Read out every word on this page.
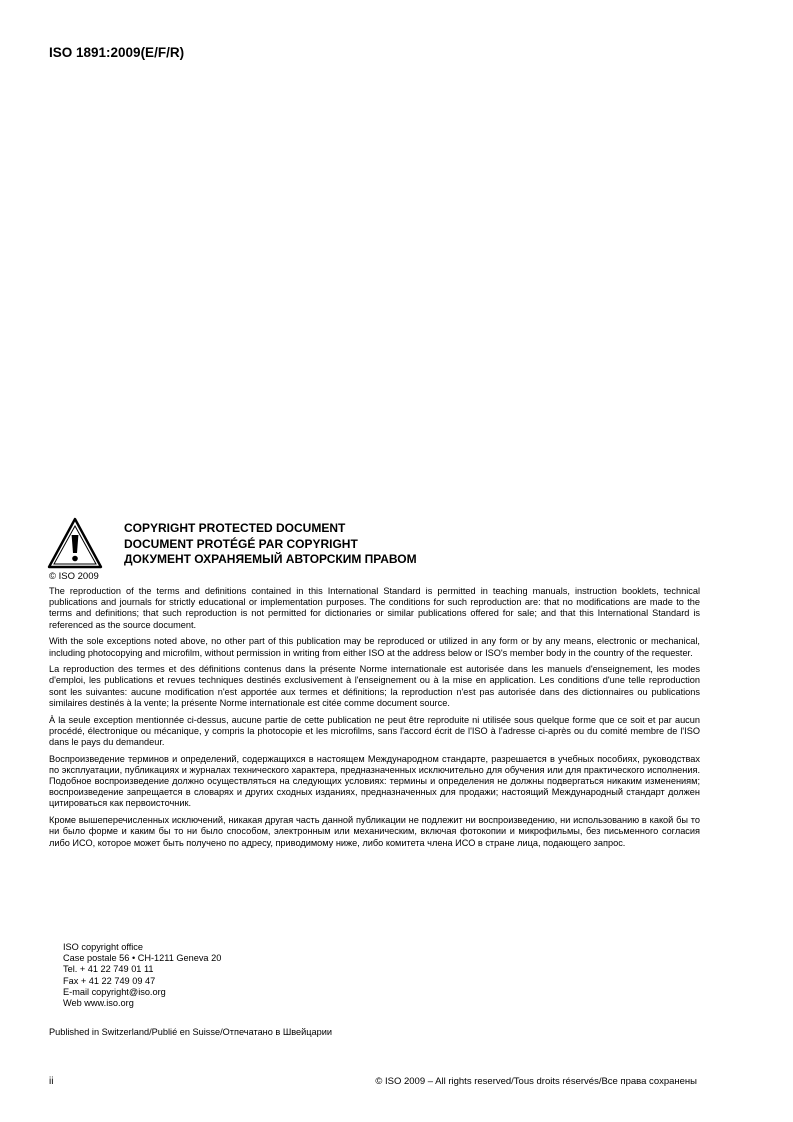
ISO 1891:2009(E/F/R)
COPYRIGHT PROTECTED DOCUMENT
DOCUMENT PROTÉGÉ PAR COPYRIGHT
ДОКУМЕНТ ОХРАНЯЕМЫЙ АВТОРСКИМ ПРАВОМ
© ISO 2009

The reproduction of the terms and definitions contained in this International Standard is permitted in teaching manuals, instruction booklets, technical publications and journals for strictly educational or implementation purposes. The conditions for such reproduction are: that no modifications are made to the terms and definitions; that such reproduction is not permitted for dictionaries or similar publications offered for sale; and that this International Standard is referenced as the source document.

With the sole exceptions noted above, no other part of this publication may be reproduced or utilized in any form or by any means, electronic or mechanical, including photocopying and microfilm, without permission in writing from either ISO at the address below or ISO's member body in the country of the requester.

La reproduction des termes et des définitions contenus dans la présente Norme internationale est autorisée dans les manuels d'enseignement, les modes d'emploi, les publications et revues techniques destinés exclusivement à l'enseignement ou à la mise en application. Les conditions d'une telle reproduction sont les suivantes: aucune modification n'est apportée aux termes et définitions; la reproduction n'est pas autorisée dans des dictionnaires ou publications similaires destinés à la vente; la présente Norme internationale est citée comme document source.

À la seule exception mentionnée ci-dessus, aucune partie de cette publication ne peut être reproduite ni utilisée sous quelque forme que ce soit et par aucun procédé, électronique ou mécanique, y compris la photocopie et les microfilms, sans l'accord écrit de l'ISO à l'adresse ci-après ou du comité membre de l'ISO dans le pays du demandeur.

Воспроизведение терминов и определений, содержащихся в настоящем Международном стандарте, разрешается в учебных пособиях, руководствах по эксплуатации, публикациях и журналах технического характера, предназначенных исключительно для обучения или для практического исполнения. Подобное воспроизведение должно осуществляться на следующих условиях: термины и определения не должны подвергаться никаким изменениям; воспроизведение запрещается в словарях и других сходных изданиях, предназначенных для продажи; настоящий Международный стандарт должен цитироваться как первоисточник.

Кроме вышеперечисленных исключений, никакая другая часть данной публикации не подлежит ни воспроизведению, ни использованию в какой бы то ни было форме и каким бы то ни было способом, электронным или механическим, включая фотокопии и микрофильмы, без письменного согласия либо ИСО, которое может быть получено по адресу, приводимому ниже, либо комитета члена ИСО в стране лица, подающего запрос.

ISO copyright office
Case postale 56 • CH-1211 Geneva 20
Tel. + 41 22 749 01 11
Fax + 41 22 749 09 47
E-mail copyright@iso.org
Web www.iso.org
Published in Switzerland/Publié en Suisse/Отпечатано в Швейцарии
ii	© ISO 2009 – All rights reserved/Tous droits réservés/Все права сохранены
